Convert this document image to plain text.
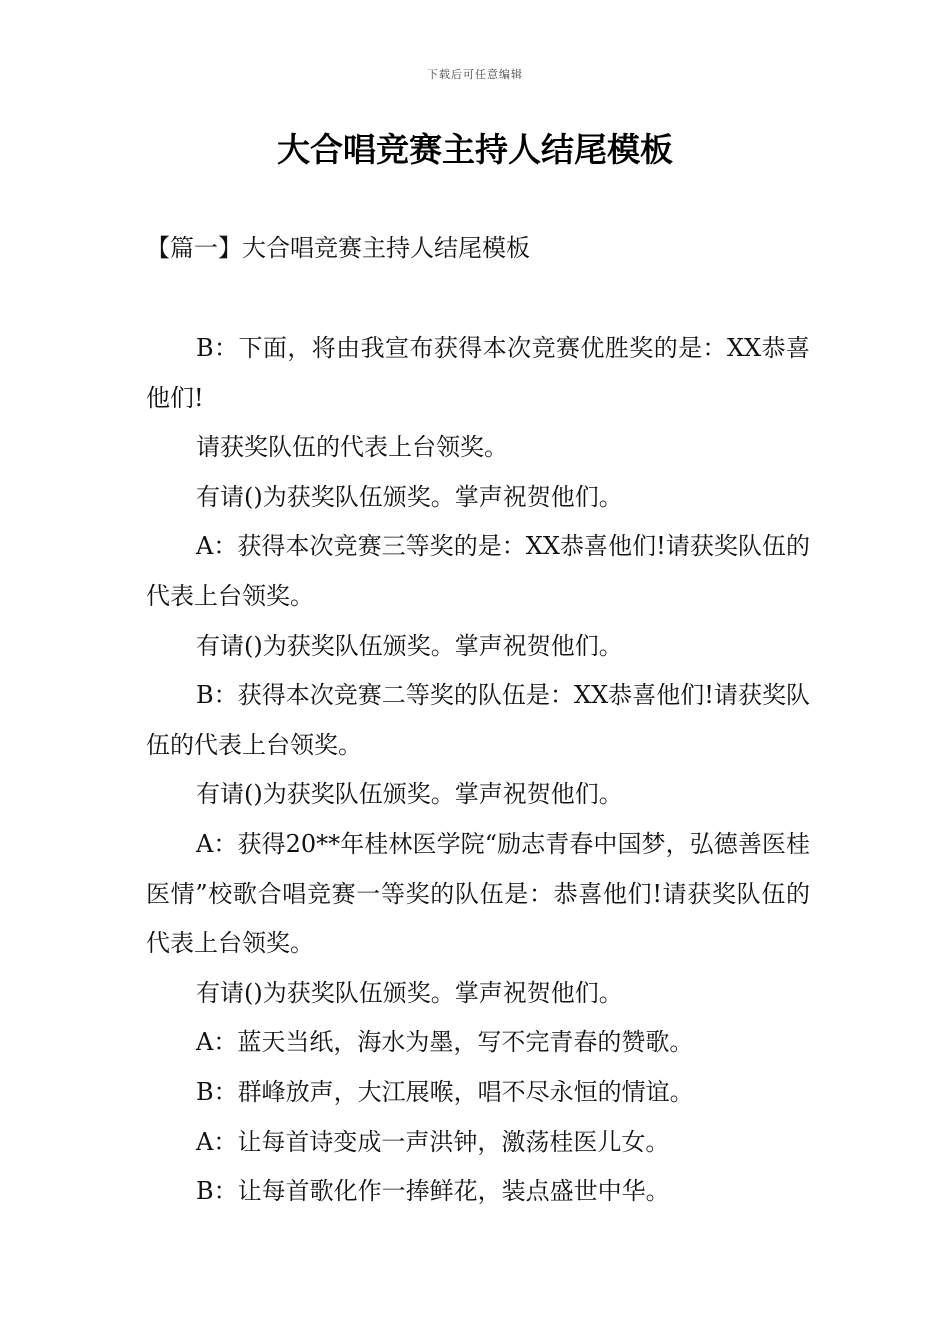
下载后可任意编辑
大合唱竞赛主持人结尾模板
【篇一】大合唱竞赛主持人结尾模板

B：下面，将由我宣布获得本次竞赛优胜奖的是：XX恭喜他们!

请获奖队伍的代表上台领奖。

有请()为获奖队伍颁奖。掌声祝贺他们。

A：获得本次竞赛三等奖的是：XX恭喜他们!请获奖队伍的代表上台领奖。

有请()为获奖队伍颁奖。掌声祝贺他们。

B：获得本次竞赛二等奖的队伍是：XX恭喜他们!请获奖队伍的代表上台领奖。

有请()为获奖队伍颁奖。掌声祝贺他们。

A：获得20**年桂林医学院“励志青春中国梦，弘德善医桂医情”校歌合唱竞赛一等奖的队伍是：恭喜他们!请获奖队伍的代表上台领奖。

有请()为获奖队伍颁奖。掌声祝贺他们。

A：蓝天当纸，海水为墨，写不完青春的赞歌。

B：群峰放声，大江展喉，唱不尽永恒的情谊。

A：让每首诗变成一声洪钟，激荡桂医儿女。

B：让每首歌化作一捧鲜花，装点盛世中华。
